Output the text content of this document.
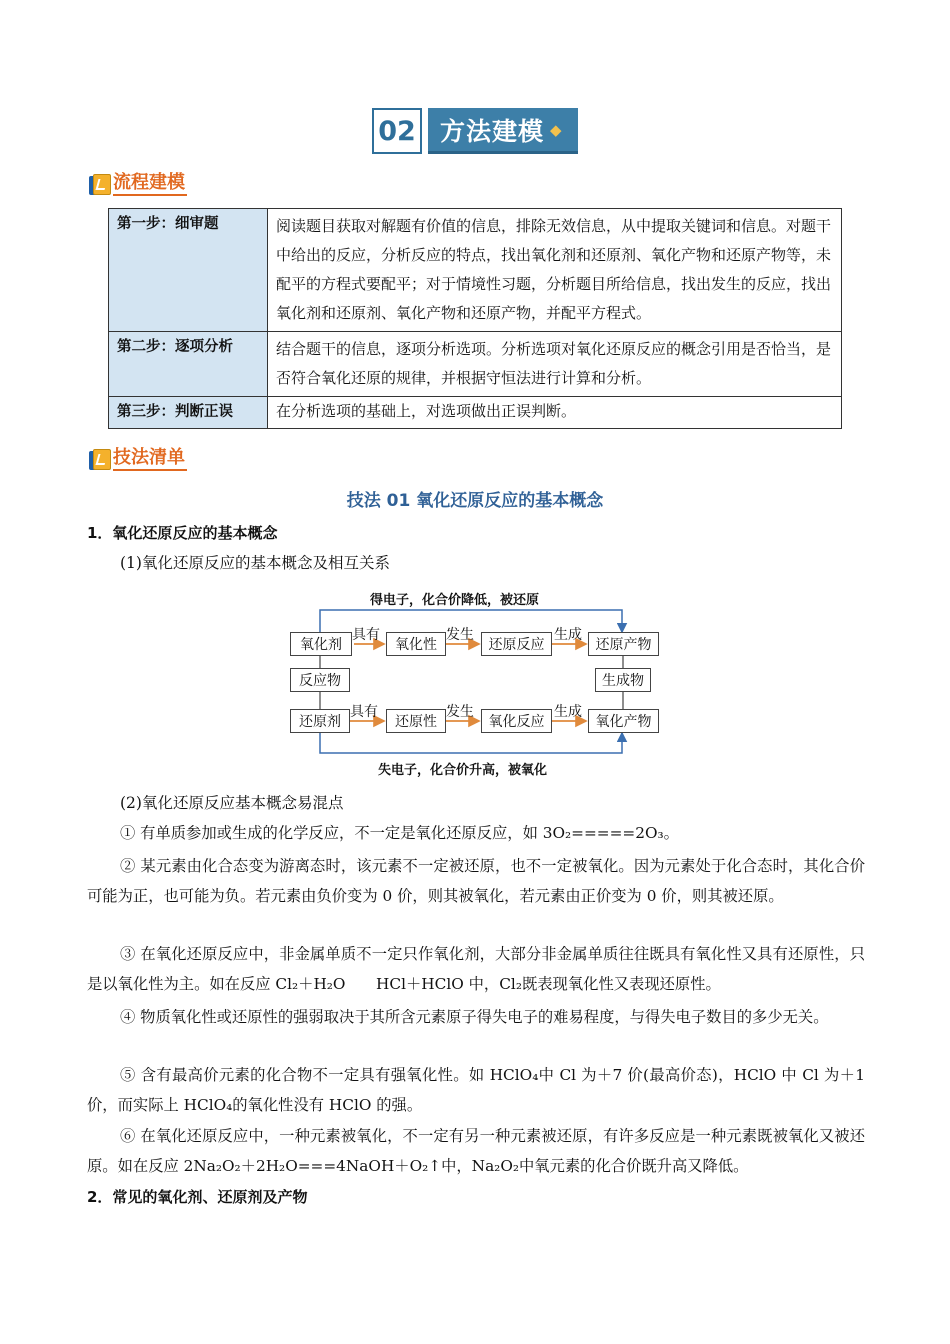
02 方法建模 ◆
流程建模
第一步：细审题	阅读题目获取对解题有价值的信息，排除无效信息，从中提取关键词和信息。对题干中给出的反应，分析反应的特点，找出氧化剂和还原剂、氧化产物和还原产物等，未配平的方程式要配平；对于情境性习题，分析题目所给信息，找出发生的反应，找出氧化剂和还原剂、氧化产物和还原产物，并配平方程式。
第二步：逐项分析	结合题干的信息，逐项分析选项。分析选项对氧化还原反应的概念引用是否恰当，是否符合氧化还原的规律，并根据守恒法进行计算和分析。
第三步：判断正误	在分析选项的基础上，对选项做出正误判断。
技法清单
技法 01 氧化还原反应的基本概念
1．氧化还原反应的基本概念
(1)氧化还原反应的基本概念及相互关系
得电子，化合价降低，被还原
失电子，化合价升高，被氧化
氧化剂	氧化性	还原反应	还原产物
反应物	生成物
还原剂	还原性	氧化反应	氧化产物
具有	发生	生成
具有	发生	生成
(2)氧化还原反应基本概念易混点
① 有单质参加或生成的化学反应，不一定是氧化还原反应，如 3O₂=====2O₃。
② 某元素由化合态变为游离态时，该元素不一定被还原，也不一定被氧化。因为元素处于化合态时，其化合价可能为正，也可能为负。若元素由负价变为 0 价，则其被氧化，若元素由正价变为 0 价，则其被还原。
③ 在氧化还原反应中，非金属单质不一定只作氧化剂，大部分非金属单质往往既具有氧化性又具有还原性，只是以氧化性为主。如在反应 Cl₂＋H₂O　　HCl＋HClO 中，Cl₂既表现氧化性又表现还原性。
④ 物质氧化性或还原性的强弱取决于其所含元素原子得失电子的难易程度，与得失电子数目的多少无关。
⑤ 含有最高价元素的化合物不一定具有强氧化性。如 HClO₄中 Cl 为＋7 价(最高价态)，HClO 中 Cl 为＋1 价，而实际上 HClO₄的氧化性没有 HClO 的强。
⑥ 在氧化还原反应中，一种元素被氧化，不一定有另一种元素被还原，有许多反应是一种元素既被氧化又被还原。如在反应 2Na₂O₂＋2H₂O===4NaOH＋O₂↑中，Na₂O₂中氧元素的化合价既升高又降低。
2．常见的氧化剂、还原剂及产物
